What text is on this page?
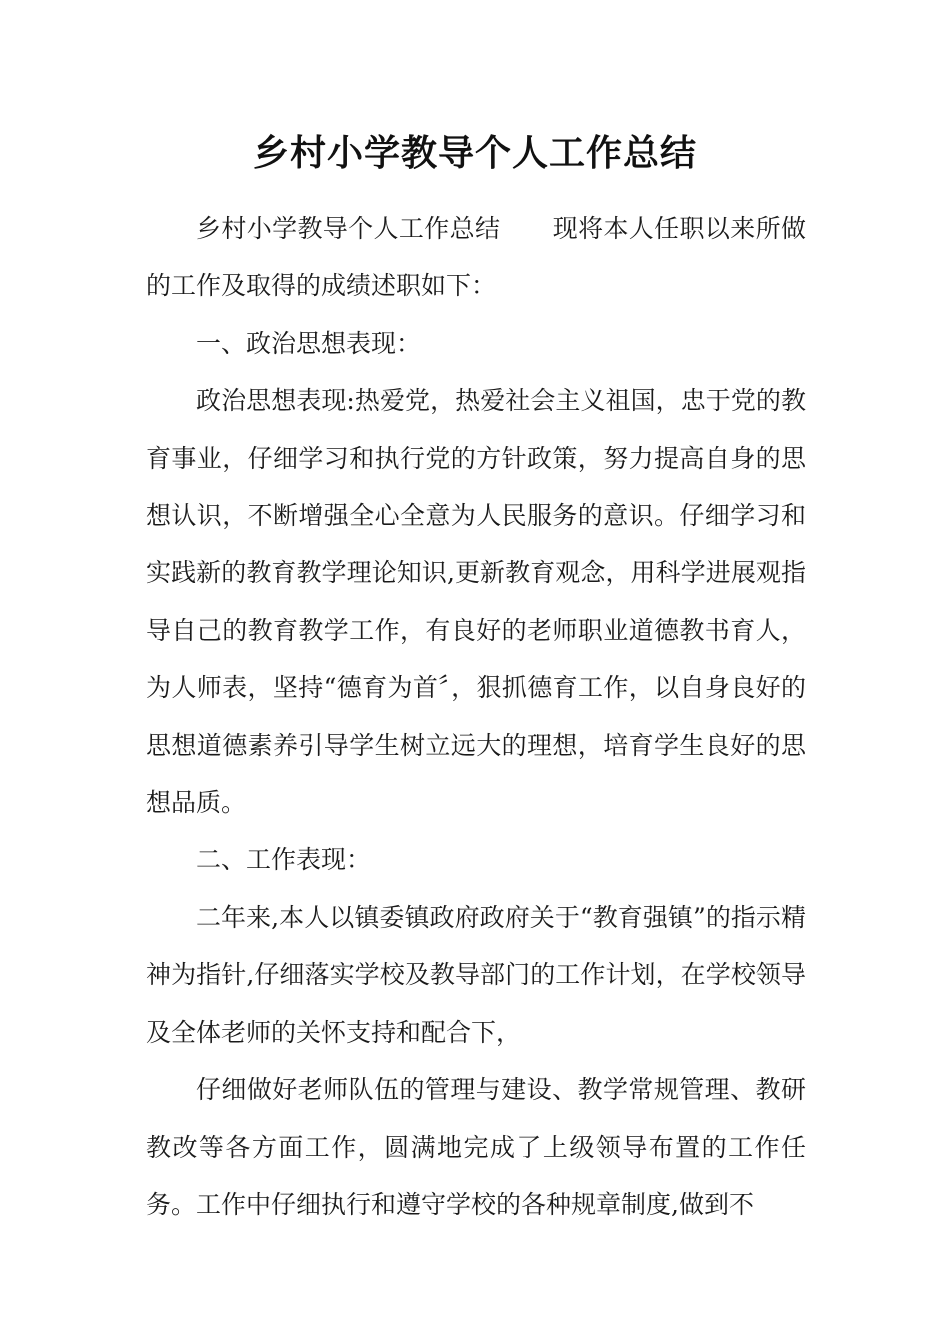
乡村小学教导个人工作总结

乡村小学教导个人工作总结 现将本人任职以来所做的工作及取得的成绩述职如下：

一、政治思想表现：

政治思想表现:热爱党，热爱社会主义祖国，忠于党的教育事业，仔细学习和执行党的方针政策，努力提高自身的思想认识，不断增强全心全意为人民服务的意识。仔细学习和实践新的教育教学理论知识,更新教育观念，用科学进展观指导自己的教育教学工作，有良好的老师职业道德教书育人，为人师表，坚持“德育为首〞，狠抓德育工作，以自身良好的思想道德素养引导学生树立远大的理想，培育学生良好的思想品质。

二、工作表现：

二年来,本人以镇委镇政府政府关于“教育强镇”的指示精神为指针,仔细落实学校及教导部门的工作计划，在学校领导及全体老师的关怀支持和配合下，

仔细做好老师队伍的管理与建设、教学常规管理、教研教改等各方面工作，圆满地完成了上级领导布置的工作任务。工作中仔细执行和遵守学校的各种规章制度,做到不
